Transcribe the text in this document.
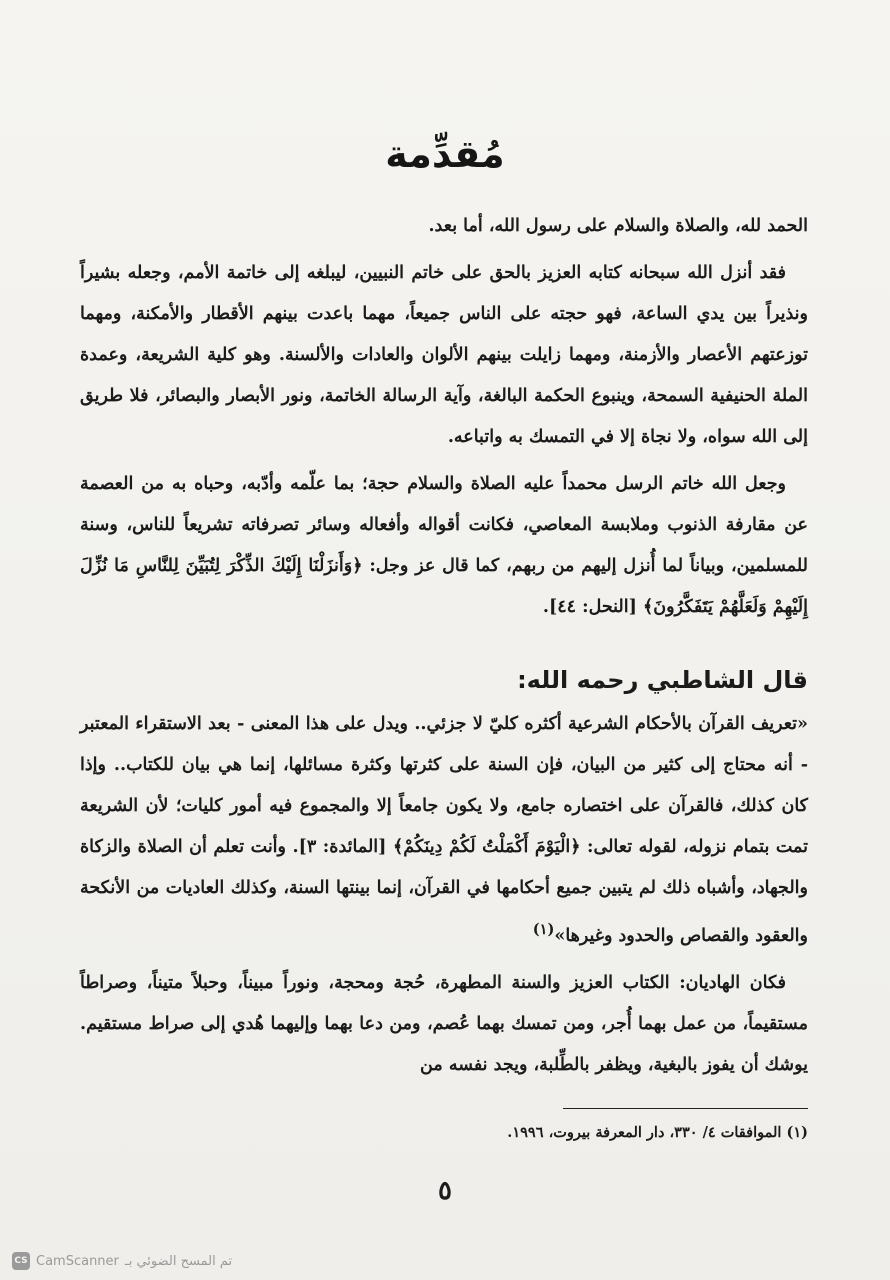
مُقدِّمة

الحمد لله، والصلاة والسلام على رسول الله، أما بعد.

فقد أنزل الله سبحانه كتابه العزيز بالحق على خاتم النبيين، ليبلغه إلى خاتمة الأمم، وجعله بشيراً ونذيراً بين يدي الساعة، فهو حجته على الناس جميعاً، مهما باعدت بينهم الأقطار والأمكنة، ومهما توزعتهم الأعصار والأزمنة، ومهما زايلت بينهم الألوان والعادات والألسنة. وهو كلية الشريعة، وعمدة الملة الحنيفية السمحة، وينبوع الحكمة البالغة، وآية الرسالة الخاتمة، ونور الأبصار والبصائر، فلا طريق إلى الله سواه، ولا نجاة إلا في التمسك به واتباعه.

وجعل الله خاتم الرسل محمداً عليه الصلاة والسلام حجة؛ بما علّمه وأدّبه، وحباه به من العصمة عن مقارفة الذنوب وملابسة المعاصي، فكانت أقواله وأفعاله وسائر تصرفاته تشريعاً للناس، وسنة للمسلمين، وبياناً لما أُنزل إليهم من ربهم، كما قال عز وجل: ﴿وَأَنزَلْنَا إِلَيْكَ الذِّكْرَ لِتُبَيِّنَ لِلنَّاسِ مَا نُزِّلَ إِلَيْهِمْ وَلَعَلَّهُمْ يَتَفَكَّرُونَ﴾ [النحل: ٤٤].

قال الشاطبي رحمه الله:

«تعريف القرآن بالأحكام الشرعية أكثره كليّ لا جزئي.. ويدل على هذا المعنى - بعد الاستقراء المعتبر - أنه محتاج إلى كثير من البيان، فإن السنة على كثرتها وكثرة مسائلها، إنما هي بيان للكتاب.. وإذا كان كذلك، فالقرآن على اختصاره جامع، ولا يكون جامعاً إلا والمجموع فيه أمور كليات؛ لأن الشريعة تمت بتمام نزوله، لقوله تعالى: ﴿الْيَوْمَ أَكْمَلْتُ لَكُمْ دِينَكُمْ﴾ [المائدة: ٣]. وأنت تعلم أن الصلاة والزكاة والجهاد، وأشباه ذلك لم يتبين جميع أحكامها في القرآن، إنما بينتها السنة، وكذلك العاديات من الأنكحة والعقود والقصاص والحدود وغيرها»$^{(١)}$

فكان الهاديان: الكتاب العزيز والسنة المطهرة، حُجة ومحجة، ونوراً مبيناً، وحبلاً متيناً، وصراطاً مستقيماً، من عمل بهما أُجر، ومن تمسك بهما عُصم، ومن دعا بهما وإليهما هُدي إلى صراط مستقيم. يوشك أن يفوز بالبغية، ويظفر بالطِّلبة، ويجد نفسه من

(١) الموافقات ٤/ ٣٣٠، دار المعرفة بيروت، ١٩٩٦.
٥
CS CamScanner تم المسح الضوئي بـ
